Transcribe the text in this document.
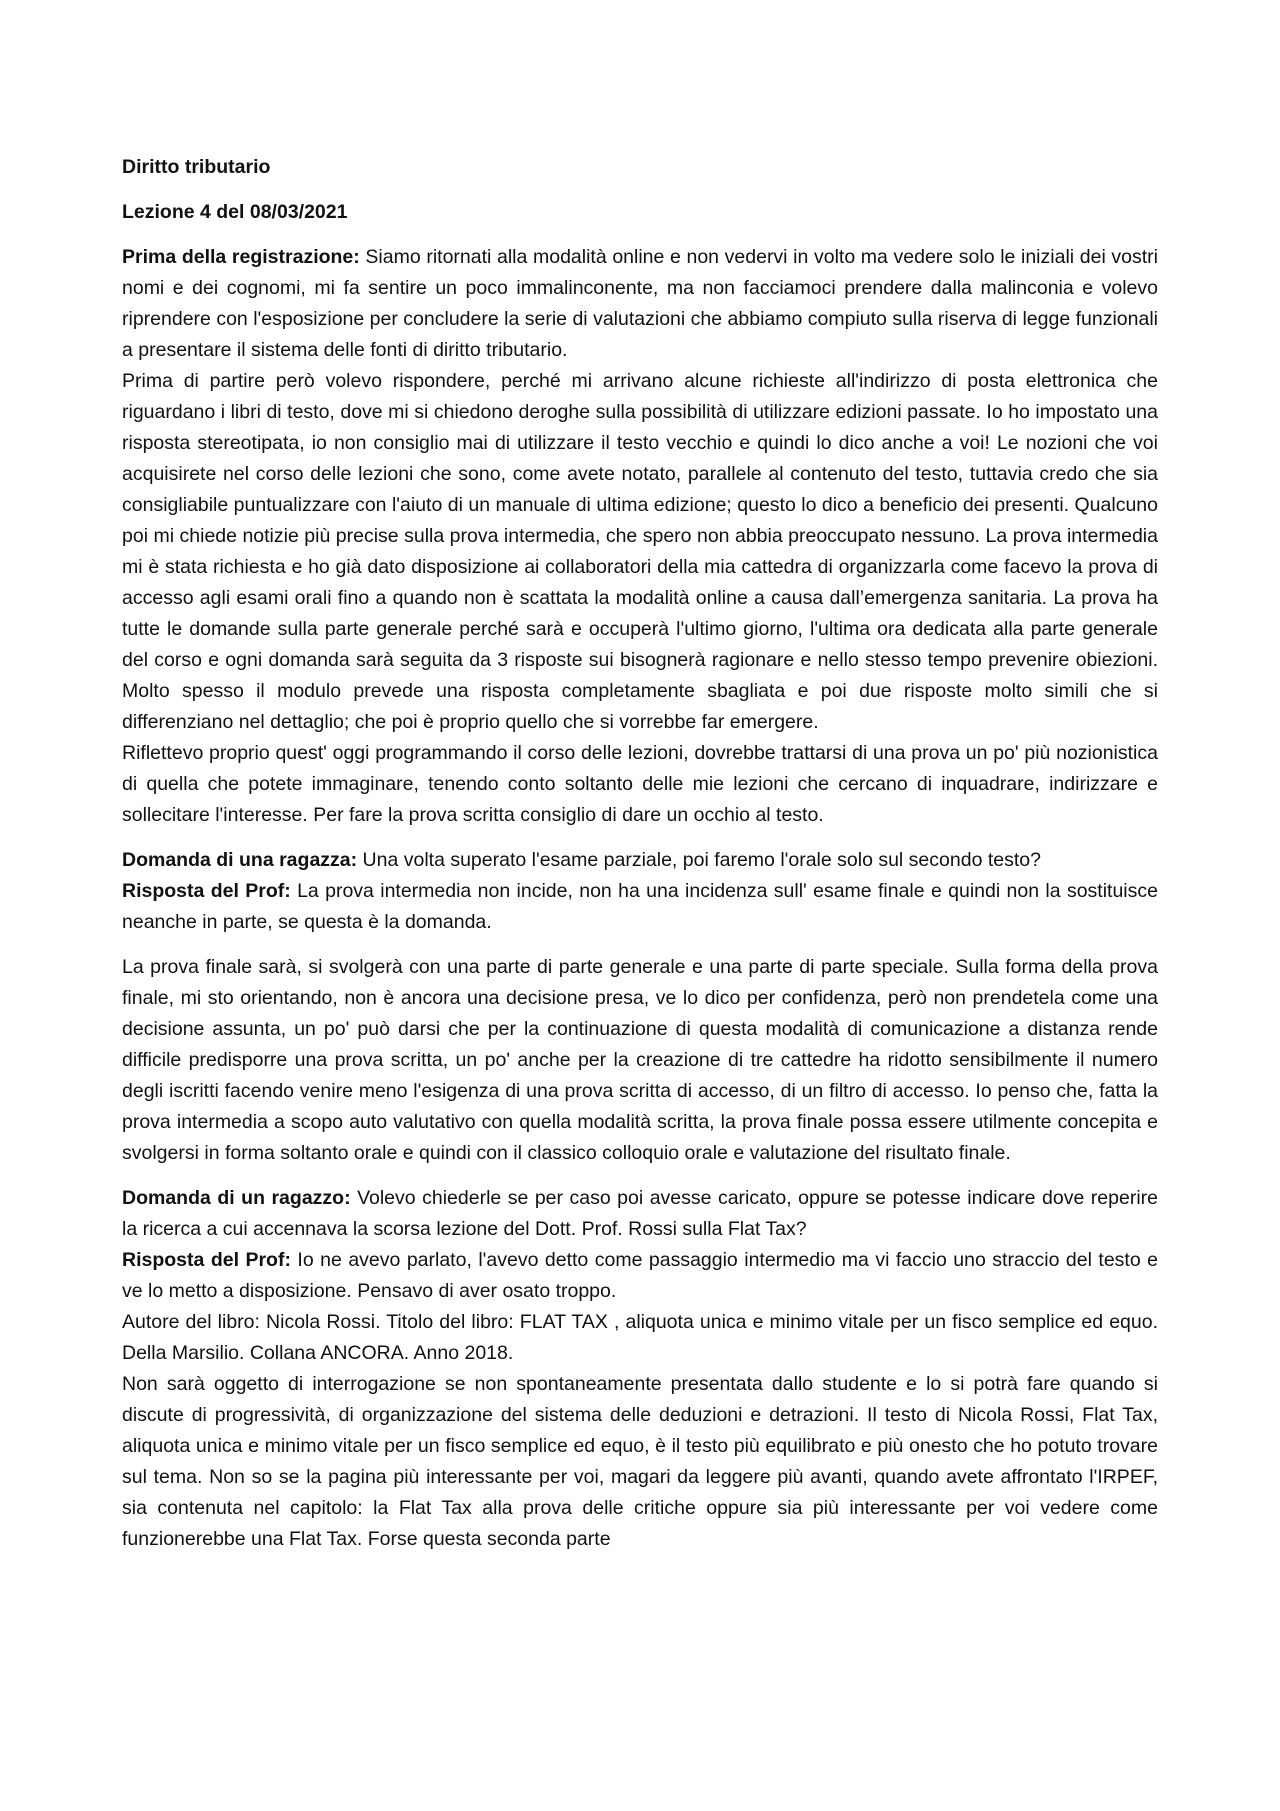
Diritto tributario

Lezione 4 del 08/03/2021

Prima della registrazione: Siamo ritornati alla modalità online e non vedervi in volto ma vedere solo le iniziali dei vostri nomi e dei cognomi, mi fa sentire un poco immalinconente, ma non facciamoci prendere dalla malinconia e volevo riprendere con l'esposizione per concludere la serie di valutazioni che abbiamo compiuto sulla riserva di legge funzionali a presentare il sistema delle fonti di diritto tributario.

Prima di partire però volevo rispondere, perché mi arrivano alcune richieste all'indirizzo di posta elettronica che riguardano i libri di testo, dove mi si chiedono deroghe sulla possibilità di utilizzare edizioni passate. Io ho impostato una risposta stereotipata, io non consiglio mai di utilizzare il testo vecchio e quindi lo dico anche a voi! Le nozioni che voi acquisirete nel corso delle lezioni che sono, come avete notato, parallele al contenuto del testo, tuttavia credo che sia consigliabile puntualizzare con l'aiuto di un manuale di ultima edizione; questo lo dico a beneficio dei presenti. Qualcuno poi mi chiede notizie più precise sulla prova intermedia, che spero non abbia preoccupato nessuno. La prova intermedia mi è stata richiesta e ho già dato disposizione ai collaboratori della mia cattedra di organizzarla come facevo la prova di accesso agli esami orali fino a quando non è scattata la modalità online a causa dall’emergenza sanitaria. La prova ha tutte le domande sulla parte generale perché sarà e occuperà l'ultimo giorno, l'ultima ora dedicata alla parte generale del corso e ogni domanda sarà seguita da 3 risposte sui bisognerà ragionare e nello stesso tempo prevenire obiezioni. Molto spesso il modulo prevede una risposta completamente sbagliata e poi due risposte molto simili che si differenziano nel dettaglio; che poi è proprio quello che si vorrebbe far emergere.

Riflettevo proprio quest' oggi programmando il corso delle lezioni, dovrebbe trattarsi di una prova un po' più nozionistica di quella che potete immaginare, tenendo conto soltanto delle mie lezioni che cercano di inquadrare, indirizzare e sollecitare l'interesse. Per fare la prova scritta consiglio di dare un occhio al testo.

Domanda di una ragazza: Una volta superato l'esame parziale, poi faremo l'orale solo sul secondo testo?

Risposta del Prof: La prova intermedia non incide, non ha una incidenza sull' esame finale e quindi non la sostituisce neanche in parte, se questa è la domanda.

La prova finale sarà, si svolgerà con una parte di parte generale e una parte di parte speciale. Sulla forma della prova finale, mi sto orientando, non è ancora una decisione presa, ve lo dico per confidenza, però non prendetela come una decisione assunta, un po' può darsi che per la continuazione di questa modalità di comunicazione a distanza rende difficile predisporre una prova scritta, un po' anche per la creazione di tre cattedre ha ridotto sensibilmente il numero degli iscritti facendo venire meno l'esigenza di una prova scritta di accesso, di un filtro di accesso. Io penso che, fatta la prova intermedia a scopo auto valutativo con quella modalità scritta, la prova finale possa essere utilmente concepita e svolgersi in forma soltanto orale e quindi con il classico colloquio orale e valutazione del risultato finale.

Domanda di un ragazzo: Volevo chiederle se per caso poi avesse caricato, oppure se potesse indicare dove reperire la ricerca a cui accennava la scorsa lezione del Dott. Prof. Rossi sulla Flat Tax?

Risposta del Prof: Io ne avevo parlato, l'avevo detto come passaggio intermedio ma vi faccio uno straccio del testo e ve lo metto a disposizione. Pensavo di aver osato troppo.

Autore del libro: Nicola Rossi. Titolo del libro: FLAT TAX , aliquota unica e minimo vitale per un fisco semplice ed equo. Della Marsilio. Collana ANCORA. Anno 2018.

Non sarà oggetto di interrogazione se non spontaneamente presentata dallo studente e lo si potrà fare quando si discute di progressività, di organizzazione del sistema delle deduzioni e detrazioni. Il testo di Nicola Rossi, Flat Tax, aliquota unica e minimo vitale per un fisco semplice ed equo, è il testo più equilibrato e più onesto che ho potuto trovare sul tema. Non so se la pagina più interessante per voi, magari da leggere più avanti, quando avete affrontato l'IRPEF, sia contenuta nel capitolo: la Flat Tax alla prova delle critiche oppure sia più interessante per voi vedere come funzionerebbe una Flat Tax. Forse questa seconda parte
